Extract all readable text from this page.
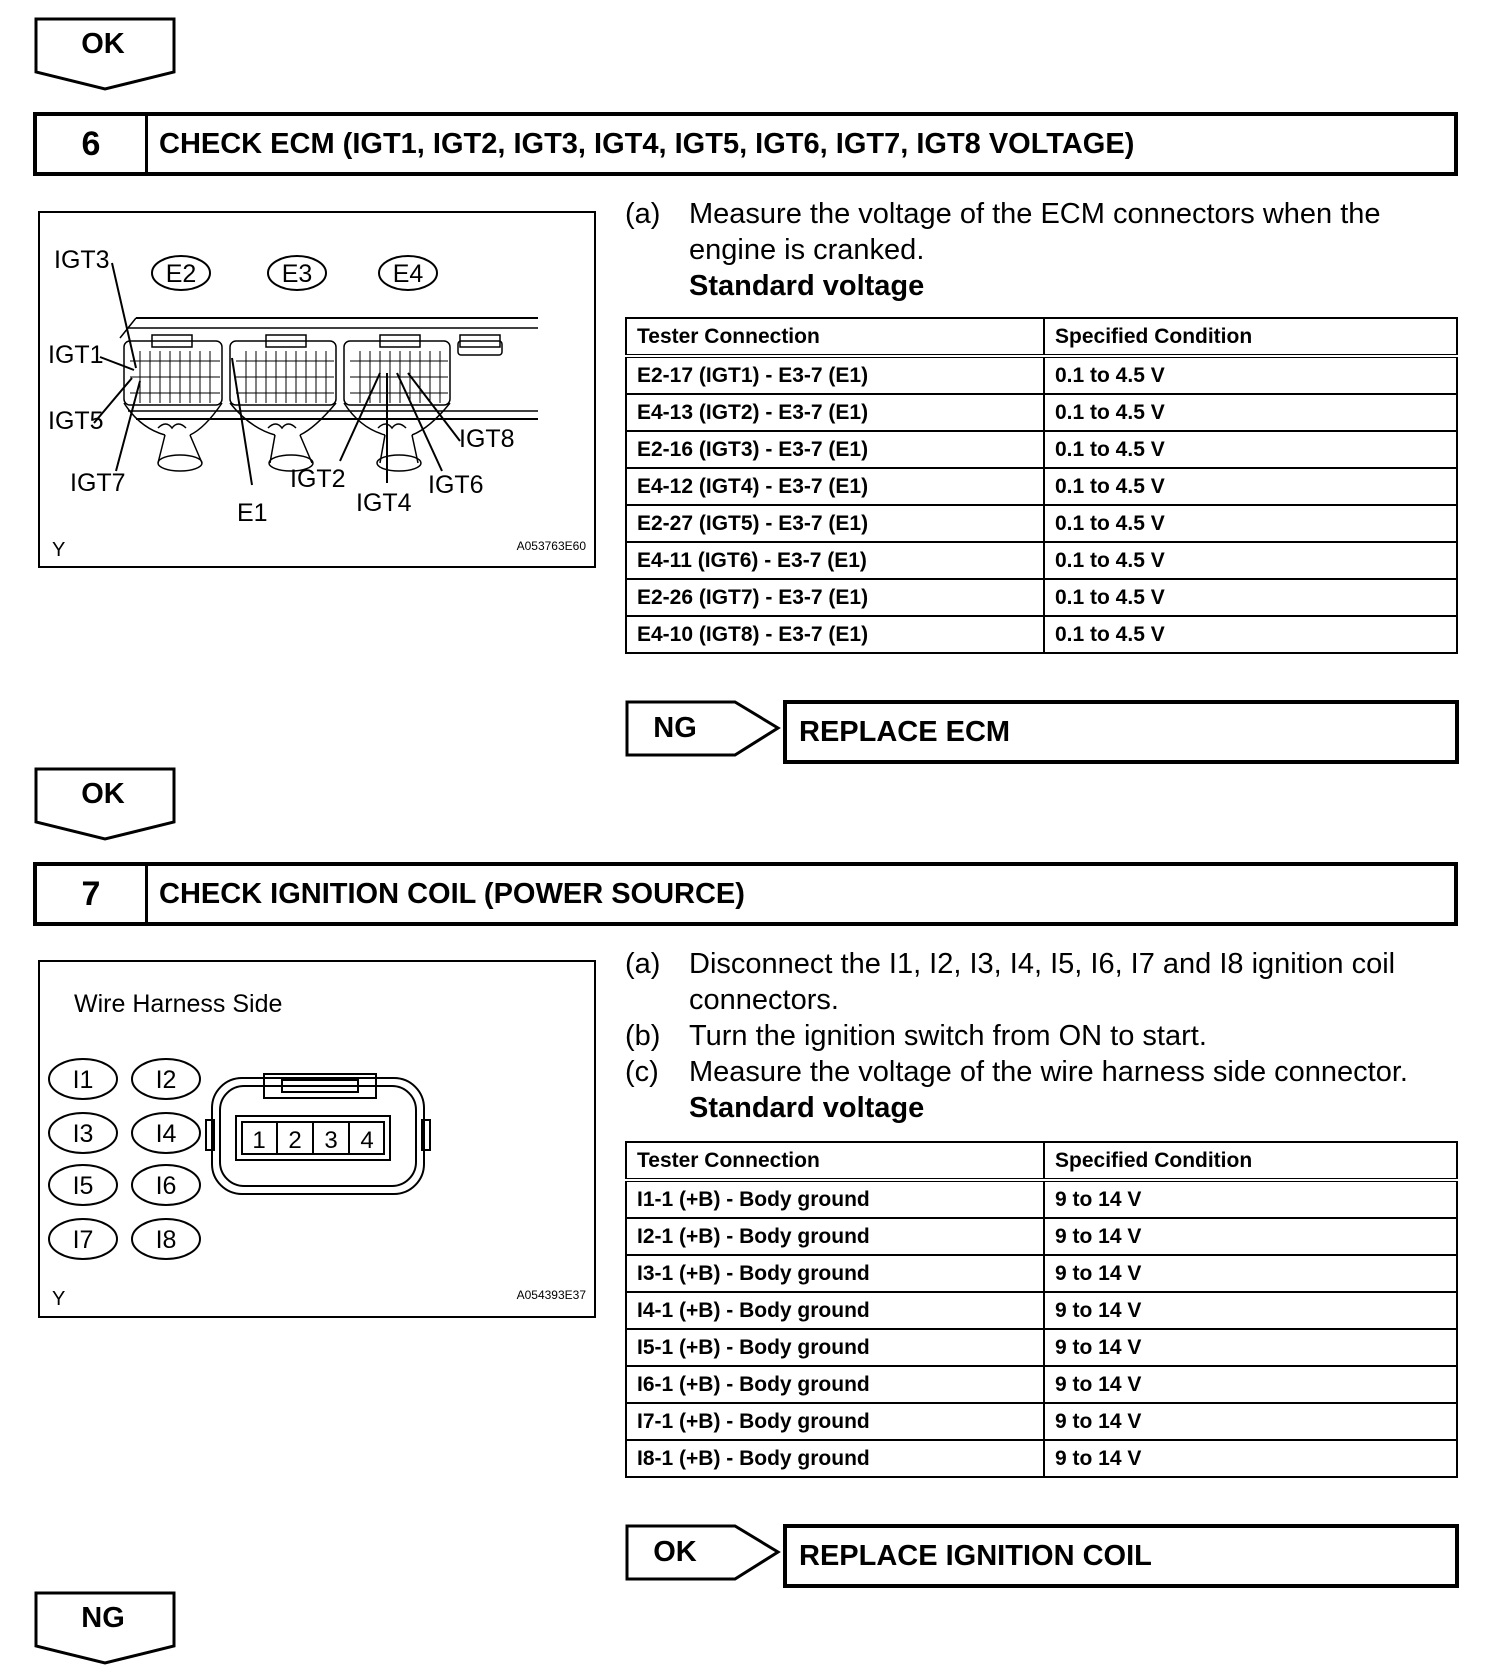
OK
6	CHECK ECM (IGT1, IGT2, IGT3, IGT4, IGT5, IGT6, IGT7, IGT8 VOLTAGE)
E2	E3	E4
IGT3
IGT1
IGT5
IGT7
E1
IGT2
IGT4
IGT6
IGT8
Y	A053763E60
(a) Measure the voltage of the ECM connectors when the engine is cranked.
Standard voltage
Tester Connection	Specified Condition
E2-17 (IGT1) - E3-7 (E1)	0.1 to 4.5 V
E4-13 (IGT2) - E3-7 (E1)	0.1 to 4.5 V
E2-16 (IGT3) - E3-7 (E1)	0.1 to 4.5 V
E4-12 (IGT4) - E3-7 (E1)	0.1 to 4.5 V
E2-27 (IGT5) - E3-7 (E1)	0.1 to 4.5 V
E4-11 (IGT6) - E3-7 (E1)	0.1 to 4.5 V
E2-26 (IGT7) - E3-7 (E1)	0.1 to 4.5 V
E4-10 (IGT8) - E3-7 (E1)	0.1 to 4.5 V
NG	REPLACE ECM
OK
7	CHECK IGNITION COIL (POWER SOURCE)
Wire Harness Side
I1 I2
I3 I4
I5 I6
I7 I8
1 2 3 4
Y	A054393E37
(a) Disconnect the I1, I2, I3, I4, I5, I6, I7 and I8 ignition coil connectors.
(b) Turn the ignition switch from ON to start.
(c)	Measure the voltage of the wire harness side connector.
Standard voltage
Tester Connection	Specified Condition
I1-1 (+B) - Body ground	9 to 14 V
I2-1 (+B) - Body ground	9 to 14 V
I3-1 (+B) - Body ground	9 to 14 V
I4-1 (+B) - Body ground	9 to 14 V
I5-1 (+B) - Body ground	9 to 14 V
I6-1 (+B) - Body ground	9 to 14 V
I7-1 (+B) - Body ground	9 to 14 V
I8-1 (+B) - Body ground	9 to 14 V
OK	REPLACE IGNITION COIL
NG
